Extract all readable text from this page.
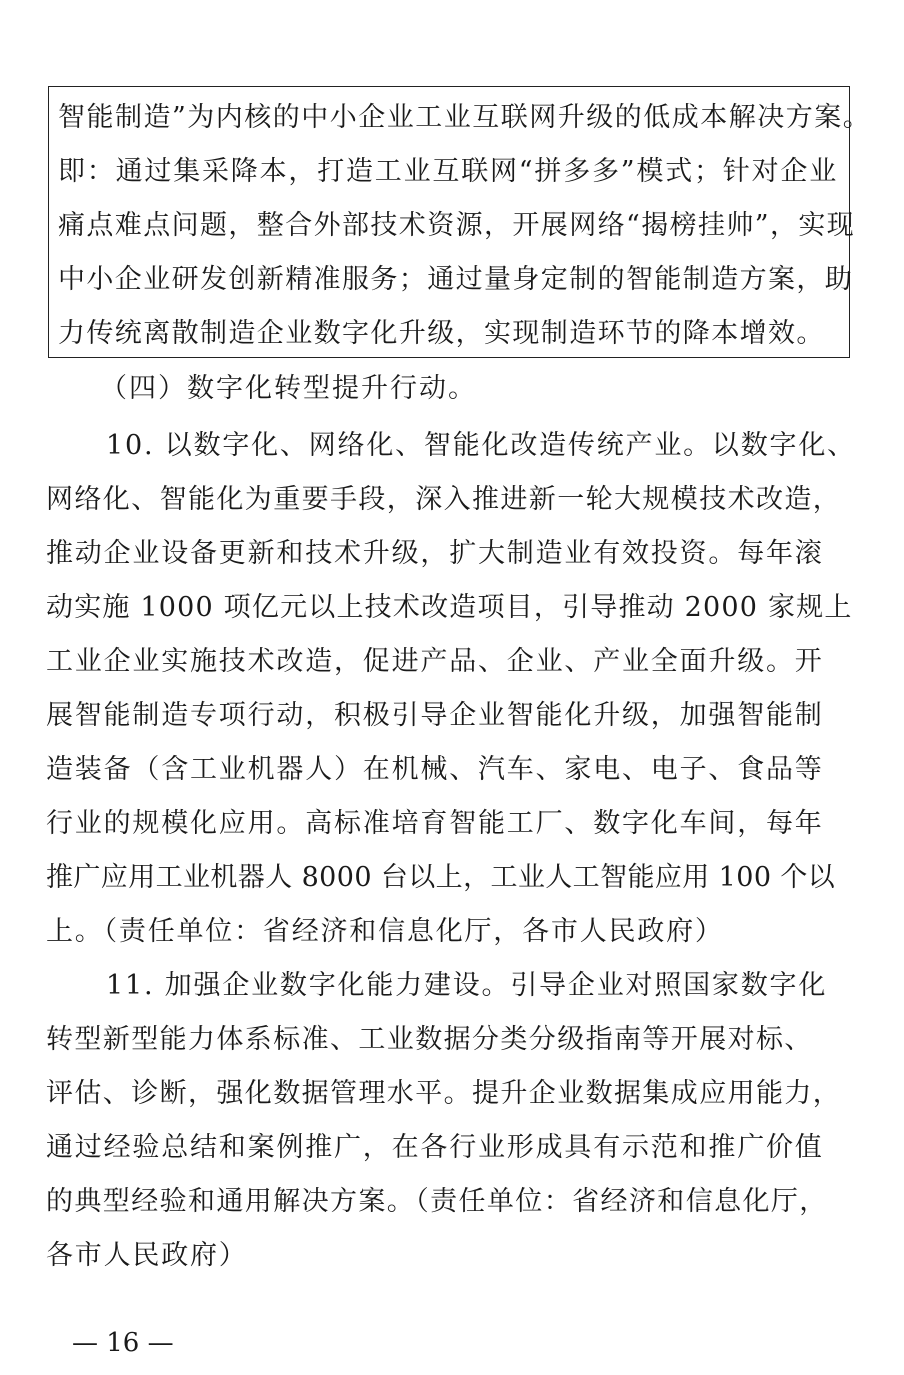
智能制造”为内核的中小企业工业互联网升级的低成本解决方案。
即：通过集采降本，打造工业互联网“拼多多”模式；针对企业
痛点难点问题，整合外部技术资源，开展网络“揭榜挂帅”，实现
中小企业研发创新精准服务；通过量身定制的智能制造方案，助
力传统离散制造企业数字化升级，实现制造环节的降本增效。
（四）数字化转型提升行动。
10. 以数字化、网络化、智能化改造传统产业。以数字化、
网络化、智能化为重要手段，深入推进新一轮大规模技术改造，
推动企业设备更新和技术升级，扩大制造业有效投资。每年滚
动实施 1000 项亿元以上技术改造项目，引导推动 2000 家规上
工业企业实施技术改造，促进产品、企业、产业全面升级。开
展智能制造专项行动，积极引导企业智能化升级，加强智能制
造装备（含工业机器人）在机械、汽车、家电、电子、食品等
行业的规模化应用。高标准培育智能工厂、数字化车间，每年
推广应用工业机器人 8000 台以上，工业人工智能应用 100 个以
上。（责任单位：省经济和信息化厅，各市人民政府）
11. 加强企业数字化能力建设。引导企业对照国家数字化
转型新型能力体系标准、工业数据分类分级指南等开展对标、
评估、诊断，强化数据管理水平。提升企业数据集成应用能力，
通过经验总结和案例推广，在各行业形成具有示范和推广价值
的典型经验和通用解决方案。（责任单位：省经济和信息化厅，
各市人民政府）
— 16 —
